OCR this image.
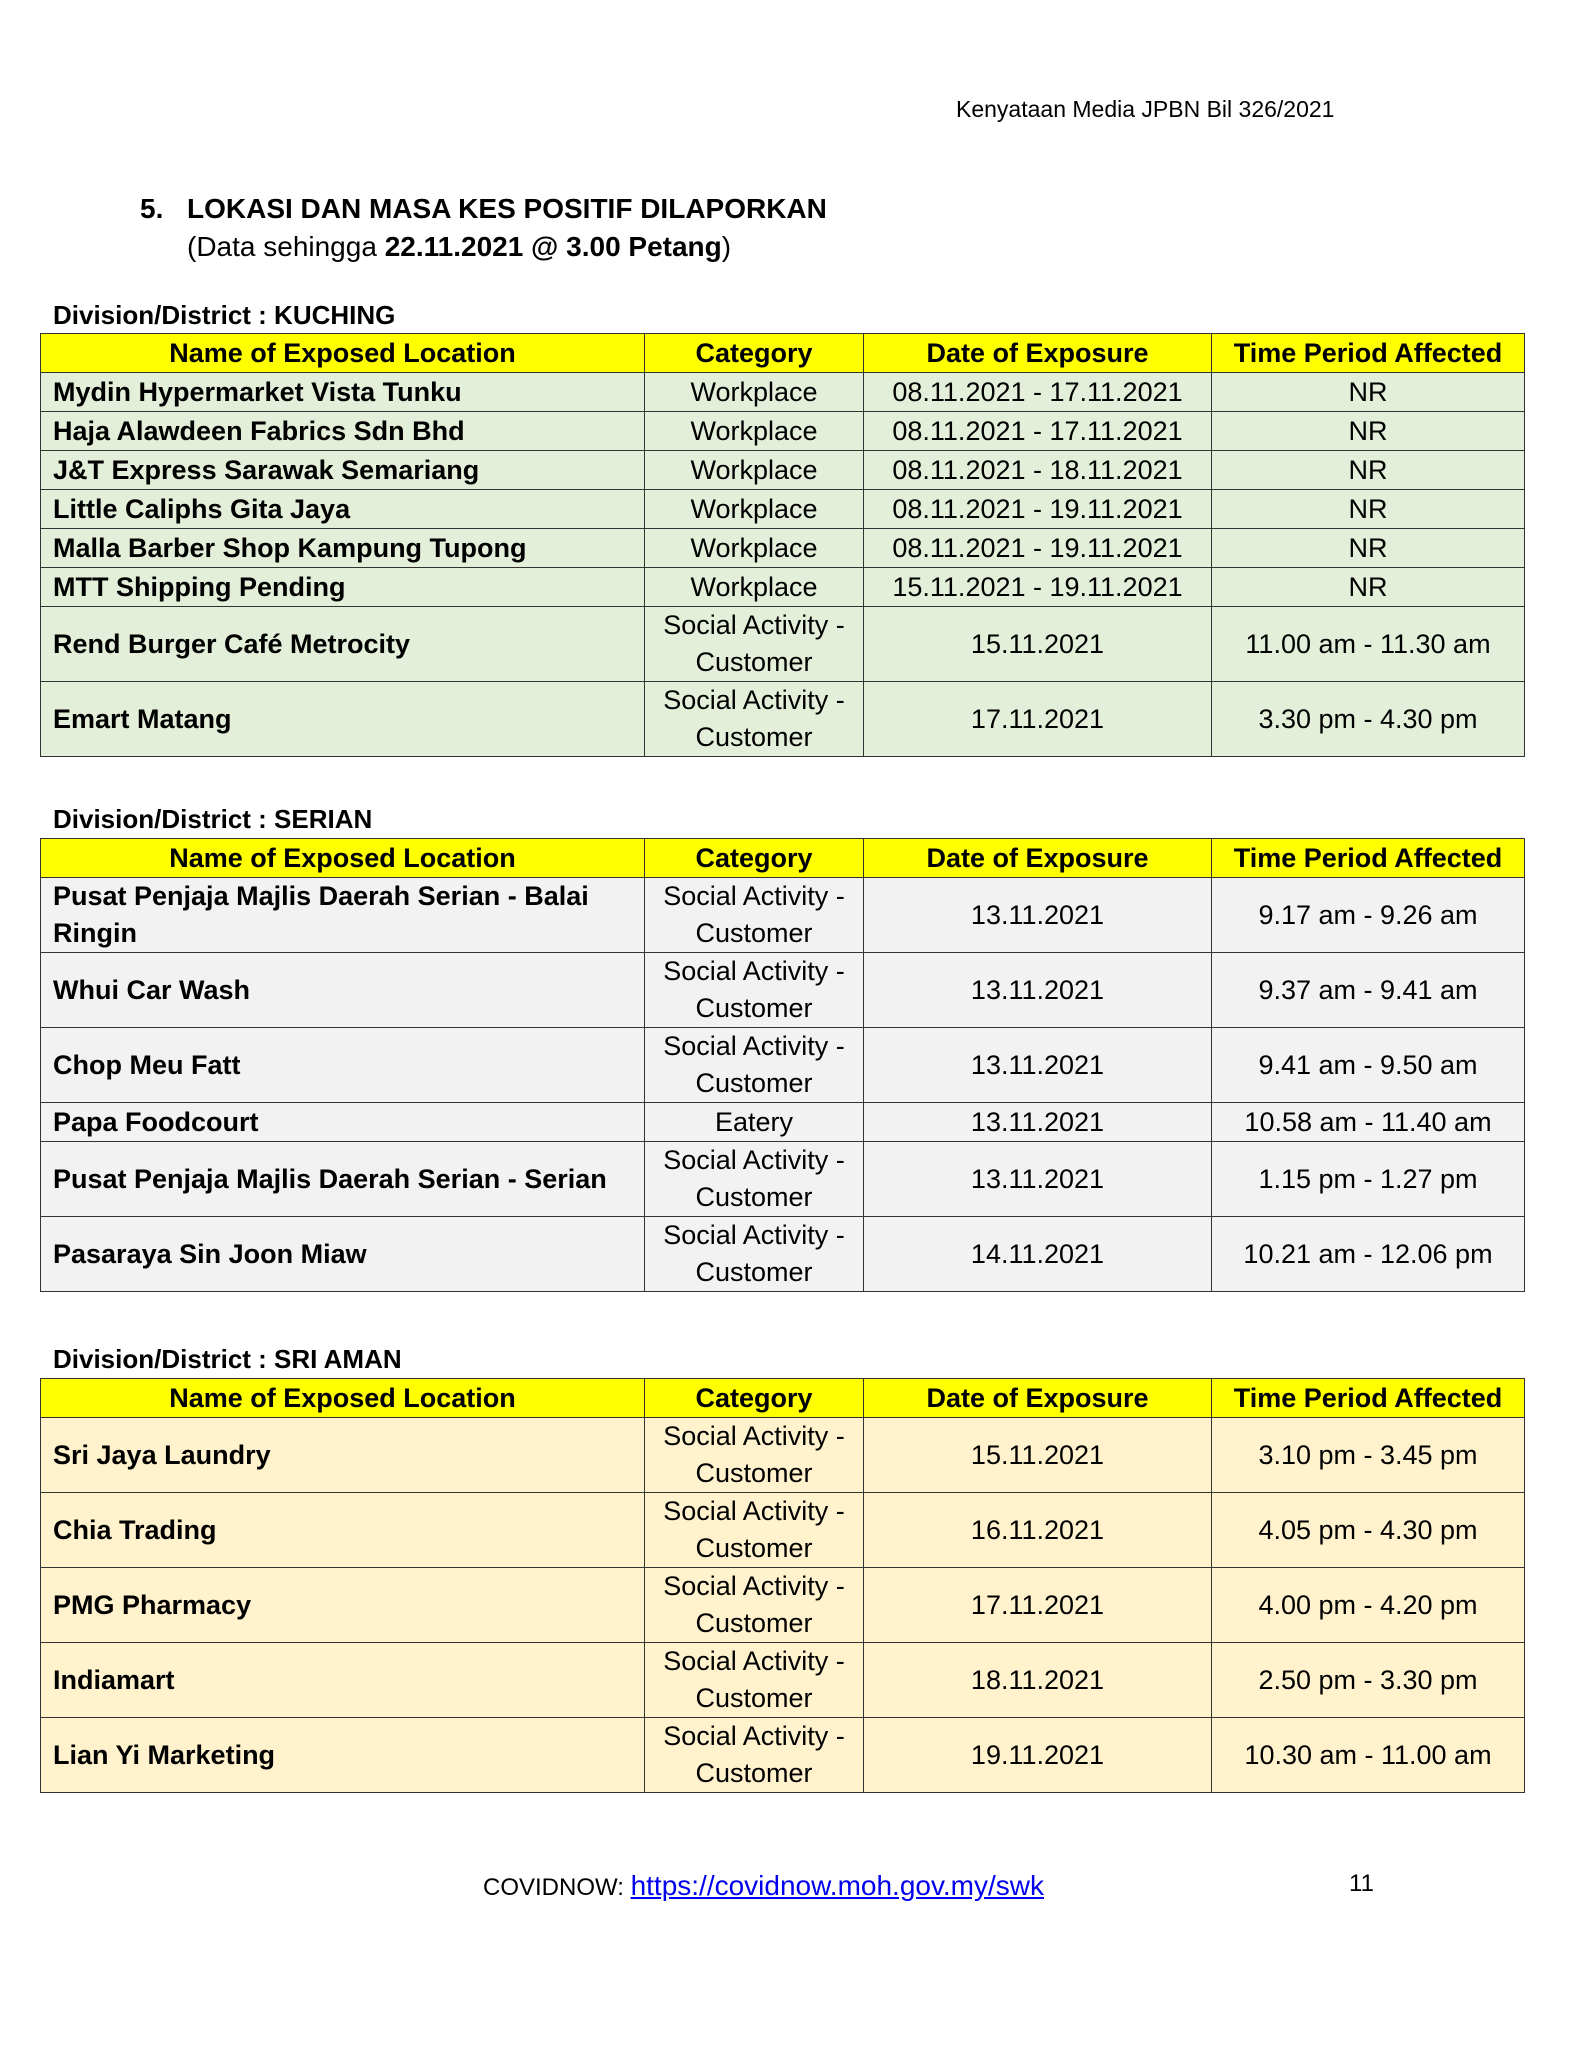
Kenyataan Media JPBN Bil 326/2021
5. LOKASI DAN MASA KES POSITIF DILAPORKAN
(Data sehingga 22.11.2021 @ 3.00 Petang)
Division/District : KUCHING
Name of Exposed Location	Category	Date of Exposure	Time Period Affected
Mydin Hypermarket Vista Tunku	Workplace	08.11.2021 - 17.11.2021	NR
Haja Alawdeen Fabrics Sdn Bhd	Workplace	08.11.2021 - 17.11.2021	NR
J&T Express Sarawak Semariang	Workplace	08.11.2021 - 18.11.2021	NR
Little Caliphs Gita Jaya	Workplace	08.11.2021 - 19.11.2021	NR
Malla Barber Shop Kampung Tupong	Workplace	08.11.2021 - 19.11.2021	NR
MTT Shipping Pending	Workplace	15.11.2021 - 19.11.2021	NR
Rend Burger Café Metrocity	Social Activity - Customer	15.11.2021	11.00 am - 11.30 am
Emart Matang	Social Activity - Customer	17.11.2021	3.30 pm - 4.30 pm
Division/District : SERIAN
Name of Exposed Location	Category	Date of Exposure	Time Period Affected
Pusat Penjaja Majlis Daerah Serian - Balai Ringin	Social Activity - Customer	13.11.2021	9.17 am - 9.26 am
Whui Car Wash	Social Activity - Customer	13.11.2021	9.37 am - 9.41 am
Chop Meu Fatt	Social Activity - Customer	13.11.2021	9.41 am - 9.50 am
Papa Foodcourt	Eatery	13.11.2021	10.58 am - 11.40 am
Pusat Penjaja Majlis Daerah Serian - Serian	Social Activity - Customer	13.11.2021	1.15 pm - 1.27 pm
Pasaraya Sin Joon Miaw	Social Activity - Customer	14.11.2021	10.21 am - 12.06 pm
Division/District : SRI AMAN
Name of Exposed Location	Category	Date of Exposure	Time Period Affected
Sri Jaya Laundry	Social Activity - Customer	15.11.2021	3.10 pm - 3.45 pm
Chia Trading	Social Activity - Customer	16.11.2021	4.05 pm - 4.30 pm
PMG Pharmacy	Social Activity - Customer	17.11.2021	4.00 pm - 4.20 pm
Indiamart	Social Activity - Customer	18.11.2021	2.50 pm - 3.30 pm
Lian Yi Marketing	Social Activity - Customer	19.11.2021	10.30 am - 11.00 am
COVIDNOW: https://covidnow.moh.gov.my/swk	11
